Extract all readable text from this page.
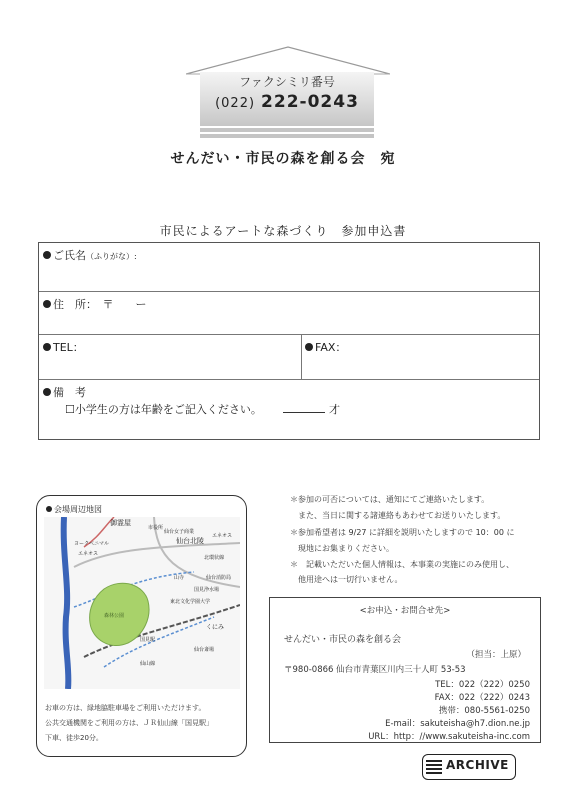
ファクシミリ番号
(022) 222-0243
せんだい・市民の森を創る会　宛
市民によるアートな森づくり　参加申込書
ご氏名（ふりがな）:
住　所：　〒　　ー
TEL：	FAX：
備　考
☐小学生の方は年齢をご記入ください。	才
会場周辺地図
御霊屋
仙台北陵
ヨークベニマル
エネオス
仙台女子商業
市役所
エネオス
山寺	仙台消防局
東北文化学園大学
国見浄水場
国見駅
くにみ
仙台斎場
仙山線
北環状線
森林公園
お車の方は、緑地脇駐車場をご利用いただけます。
公共交通機関をご利用の方は、ＪＲ仙山線「国見駅」
下車、徒歩20分。
＊参加の可否については、通知にてご連絡いたします。
　また、当日に関する諸連絡もあわせてお送りいたします。
＊参加希望者は 9/27 に詳細を説明いたしますので 10：00 に
　現地にお集まりください。
＊　記載いただいた個人情報は、本事業の実施にのみ使用し、
　他用途へは一切行いません。
<お申込・お問合せ先>
せんだい・市民の森を創る会
（担当：上原）
〒980-0866 仙台市青葉区川内三十人町 53-53
TEL：022（222）0250
FAX：022（222）0243
携帯：080-5561-0250
E-mail：sakuteisha@h7.dion.ne.jp
URL：http：//www.sakuteisha-inc.com
ARCHIVE
